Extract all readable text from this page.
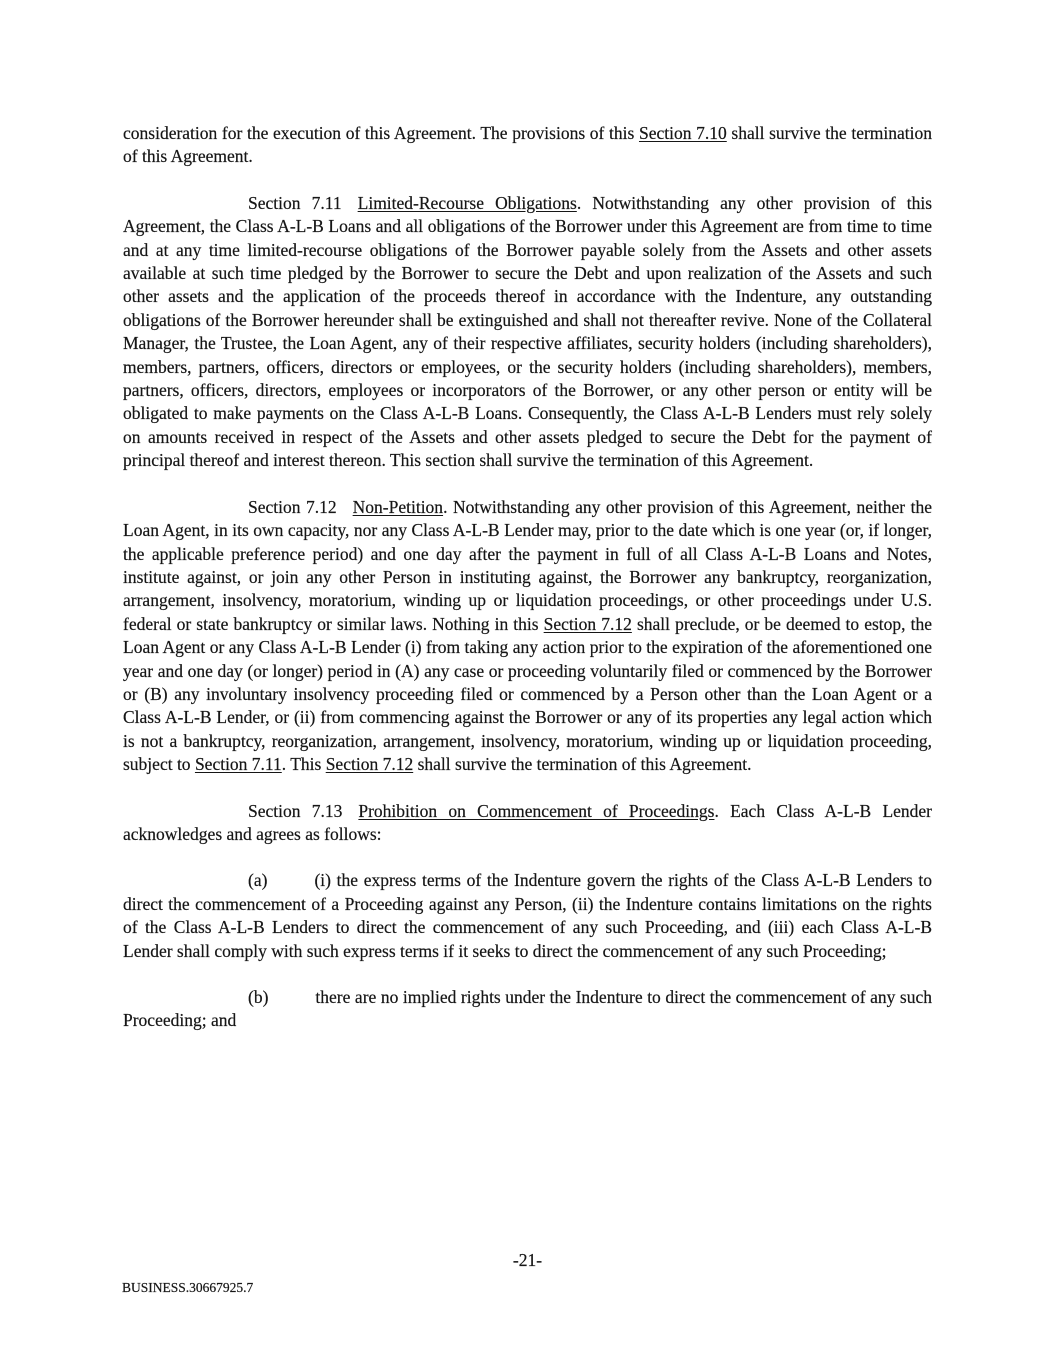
consideration for the execution of this Agreement. The provisions of this Section 7.10 shall survive the termination of this Agreement.

Section 7.11 Limited-Recourse Obligations. Notwithstanding any other provision of this Agreement, the Class A-L-B Loans and all obligations of the Borrower under this Agreement are from time to time and at any time limited-recourse obligations of the Borrower payable solely from the Assets and other assets available at such time pledged by the Borrower to secure the Debt and upon realization of the Assets and such other assets and the application of the proceeds thereof in accordance with the Indenture, any outstanding obligations of the Borrower hereunder shall be extinguished and shall not thereafter revive. None of the Collateral Manager, the Trustee, the Loan Agent, any of their respective affiliates, security holders (including shareholders), members, partners, officers, directors or employees, or the security holders (including shareholders), members, partners, officers, directors, employees or incorporators of the Borrower, or any other person or entity will be obligated to make payments on the Class A-L-B Loans. Consequently, the Class A-L-B Lenders must rely solely on amounts received in respect of the Assets and other assets pledged to secure the Debt for the payment of principal thereof and interest thereon. This section shall survive the termination of this Agreement.

Section 7.12 Non-Petition. Notwithstanding any other provision of this Agreement, neither the Loan Agent, in its own capacity, nor any Class A-L-B Lender may, prior to the date which is one year (or, if longer, the applicable preference period) and one day after the payment in full of all Class A-L-B Loans and Notes, institute against, or join any other Person in instituting against, the Borrower any bankruptcy, reorganization, arrangement, insolvency, moratorium, winding up or liquidation proceedings, or other proceedings under U.S. federal or state bankruptcy or similar laws. Nothing in this Section 7.12 shall preclude, or be deemed to estop, the Loan Agent or any Class A-L-B Lender (i) from taking any action prior to the expiration of the aforementioned one year and one day (or longer) period in (A) any case or proceeding voluntarily filed or commenced by the Borrower or (B) any involuntary insolvency proceeding filed or commenced by a Person other than the Loan Agent or a Class A-L-B Lender, or (ii) from commencing against the Borrower or any of its properties any legal action which is not a bankruptcy, reorganization, arrangement, insolvency, moratorium, winding up or liquidation proceeding, subject to Section 7.11. This Section 7.12 shall survive the termination of this Agreement.

Section 7.13 Prohibition on Commencement of Proceedings. Each Class A-L-B Lender acknowledges and agrees as follows:

(a)	(i) the express terms of the Indenture govern the rights of the Class A-L-B Lenders to direct the commencement of a Proceeding against any Person, (ii) the Indenture contains limitations on the rights of the Class A-L-B Lenders to direct the commencement of any such Proceeding, and (iii) each Class A-L-B Lender shall comply with such express terms if it seeks to direct the commencement of any such Proceeding;

(b)	there are no implied rights under the Indenture to direct the commencement of any such Proceeding; and

-21-
BUSINESS.30667925.7
